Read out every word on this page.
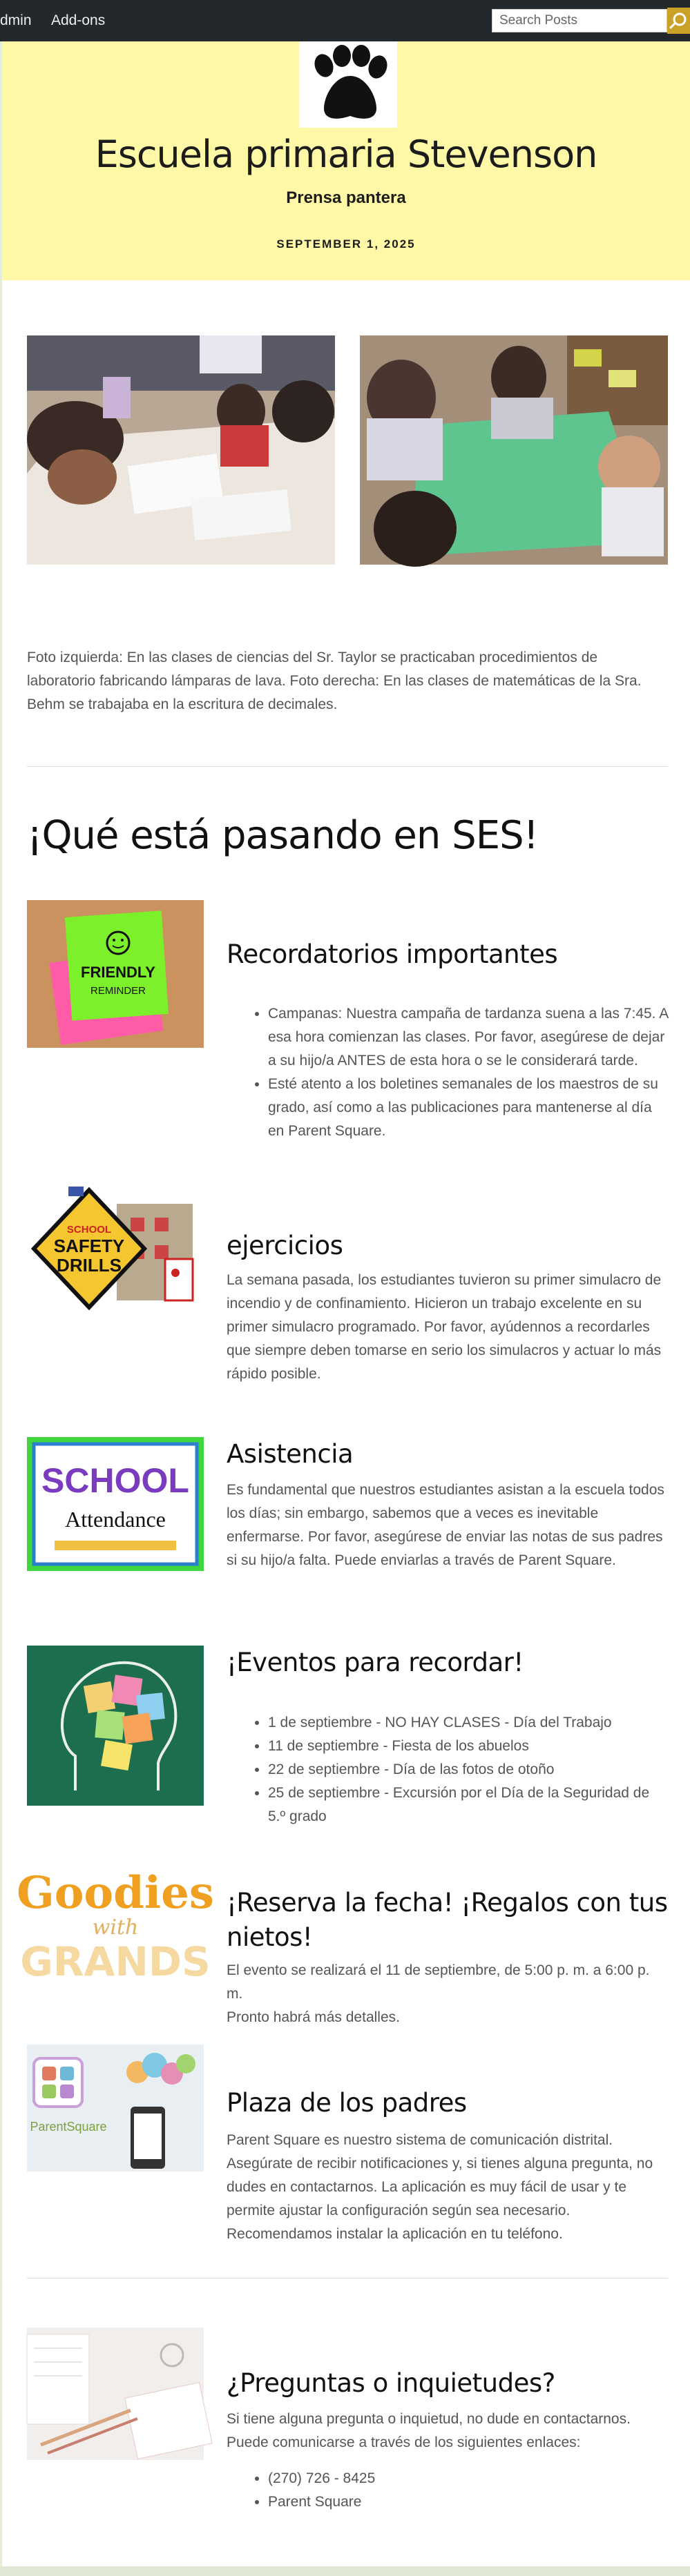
dmin	Add-ons
Search Posts
Escuela primaria Stevenson
Prensa pantera
SEPTEMBER 1, 2025
Foto izquierda: En las clases de ciencias del Sr. Taylor se practicaban procedimientos de laboratorio fabricando lámparas de lava. Foto derecha: En las clases de matemáticas de la Sra. Behm se trabajaba en la escritura de decimales.
¡Qué está pasando en SES!
FRIENDLY
REMINDER
Recordatorios importantes
• Campanas: Nuestra campaña de tardanza suena a las 7:45. A esa hora comienzan las clases. Por favor, asegúrese de dejar a su hijo/a ANTES de esta hora o se le considerará tarde.
• Esté atento a los boletines semanales de los maestros de su grado, así como a las publicaciones para mantenerse al día en Parent Square.
SCHOOL
SAFETY
DRILLS
ejercicios
La semana pasada, los estudiantes tuvieron su primer simulacro de incendio y de confinamiento. Hicieron un trabajo excelente en su primer simulacro programado. Por favor, ayúdennos a recordarles que siempre deben tomarse en serio los simulacros y actuar lo más rápido posible.
SCHOOL
Attendance
Asistencia
Es fundamental que nuestros estudiantes asistan a la escuela todos los días; sin embargo, sabemos que a veces es inevitable enfermarse. Por favor, asegúrese de enviar las notas de sus padres si su hijo/a falta. Puede enviarlas a través de Parent Square.
¡Eventos para recordar!
• 1 de septiembre - NO HAY CLASES - Día del Trabajo
• 11 de septiembre - Fiesta de los abuelos
• 22 de septiembre - Día de las fotos de otoño
• 25 de septiembre - Excursión por el Día de la Seguridad de 5.º grado
Goodies
with
GRANDS
¡Reserva la fecha! ¡Regalos con tus nietos!
El evento se realizará el 11 de septiembre, de 5:00 p. m. a 6:00 p. m.
Pronto habrá más detalles.
ParentSquare
Plaza de los padres
Parent Square es nuestro sistema de comunicación distrital. Asegúrate de recibir notificaciones y, si tienes alguna pregunta, no dudes en contactarnos. La aplicación es muy fácil de usar y te permite ajustar la configuración según sea necesario. Recomendamos instalar la aplicación en tu teléfono.
¿Preguntas o inquietudes?
Si tiene alguna pregunta o inquietud, no dude en contactarnos. Puede comunicarse a través de los siguientes enlaces:
• (270) 726 - 8425
• Parent Square
